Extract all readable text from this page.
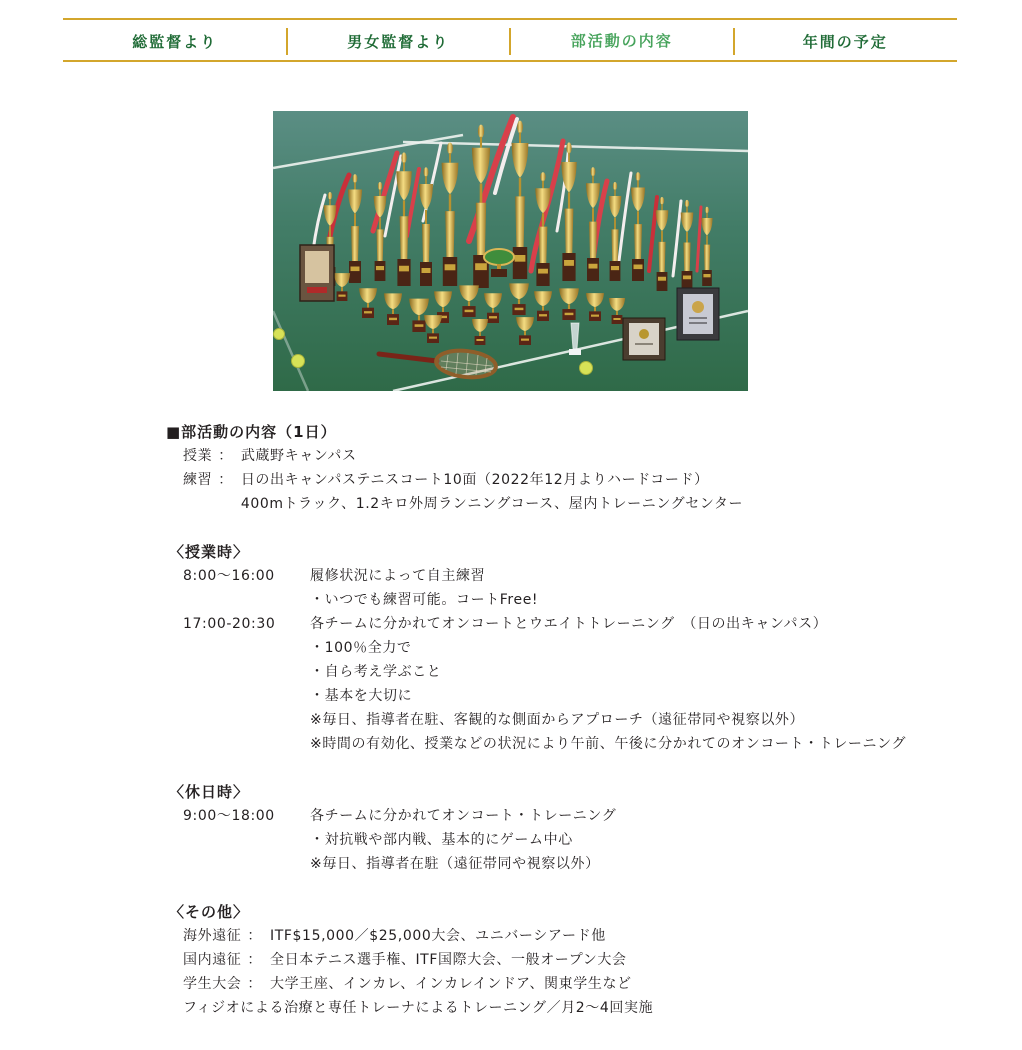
総監督より	男女監督より	部活動の内容	年間の予定
■部活動の内容（1日）
授業 ： 武蔵野キャンパス
練習 ： 日の出キャンパステニスコート10面（2022年12月よりハードコード）
400mトラック、1.2キロ外周ランニングコース、屋内トレーニングセンター
〈授業時〉
8:00〜16:00	履修状況によって自主練習
・いつでも練習可能。コートFree!
17:00-20:30	各チームに分かれてオンコートとウエイトトレーニング　（日の出キャンパス）
・100％全力で
・自ら考え学ぶこと
・基本を大切に
※毎日、指導者在駐、客観的な側面からアプローチ（遠征帯同や視察以外）
※時間の有効化、授業などの状況により午前、午後に分かれてのオンコート・トレーニング
〈休日時〉
9:00〜18:00	各チームに分かれてオンコート・トレーニング
・対抗戦や部内戦、基本的にゲーム中心
※毎日、指導者在駐（遠征帯同や視察以外）
〈その他〉
海外遠征 ： ITF$15,000／$25,000大会、ユニバーシアード他
国内遠征 ： 全日本テニス選手権、ITF国際大会、一般オープン大会
学生大会 ： 大学王座、インカレ、インカレインドア、関東学生など
フィジオによる治療と専任トレーナによるトレーニング／月2〜4回実施
